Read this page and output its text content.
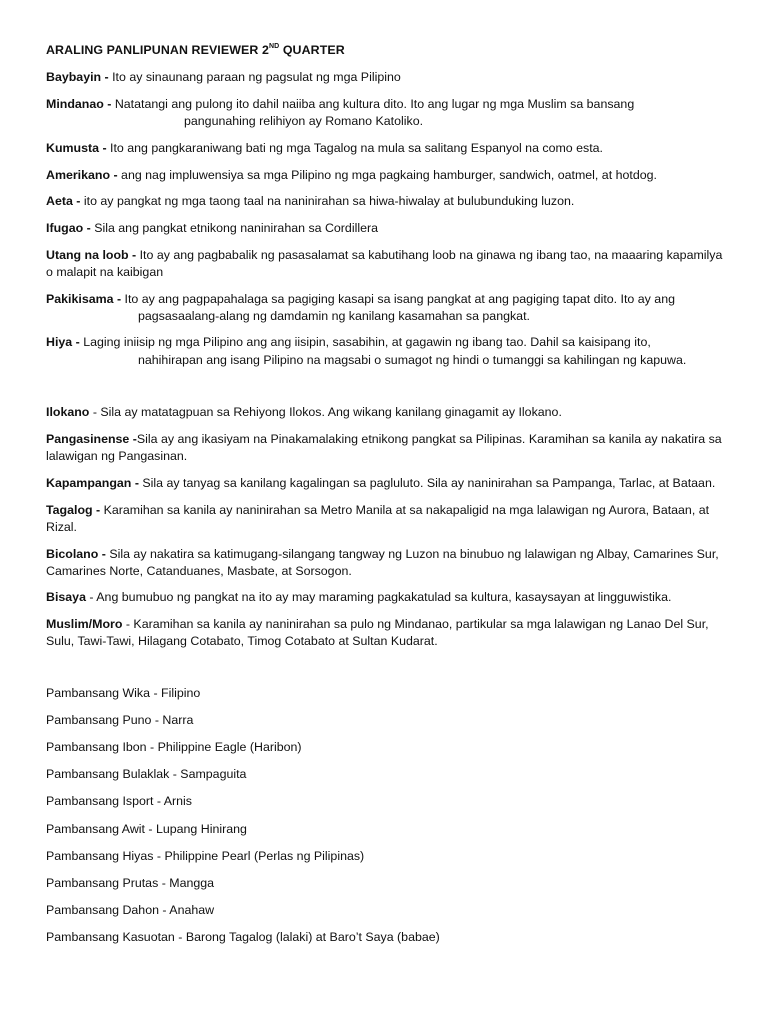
ARALING PANLIPUNAN REVIEWER 2ND QUARTER
Baybayin - Ito ay sinaunang paraan ng pagsulat ng mga Pilipino
Mindanao - Natatangi ang pulong ito dahil naiiba ang kultura dito. Ito ang lugar ng mga Muslim sa bansang
pangunahing relihiyon ay Romano Katoliko.
Kumusta - Ito ang pangkaraniwang bati ng mga Tagalog na mula sa salitang Espanyol na como esta.
Amerikano - ang nag impluwensiya sa mga Pilipino ng mga pagkaing hamburger, sandwich, oatmel, at hotdog.
Aeta - ito ay pangkat ng mga taong taal na naninirahan sa hiwa-hiwalay at bulubunduking luzon.
Ifugao - Sila ang pangkat etnikong naninirahan sa Cordillera
Utang na loob - Ito ay ang pagbabalik ng pasasalamat sa kabutihang loob na ginawa ng ibang tao, na maaaring kapamilya o malapit na kaibigan
Pakikisama - Ito ay ang pagpapahalaga sa pagiging kasapi sa isang pangkat at ang pagiging tapat dito. Ito ay ang
pagsasaalang-alang ng damdamin ng kanilang kasamahan sa pangkat.
Hiya - Laging iniisip ng mga Pilipino ang ang iisipin, sasabihin, at gagawin ng ibang tao. Dahil sa kaisipang ito,
nahihirapan ang isang Pilipino na magsabi o sumagot ng hindi o tumanggi sa kahilingan ng kapuwa.
Ilokano - Sila ay matatagpuan sa Rehiyong Ilokos. Ang wikang kanilang ginagamit ay Ilokano.
Pangasinense -Sila ay ang ikasiyam na Pinakamalaking etnikong pangkat sa Pilipinas. Karamihan sa kanila ay nakatira sa lalawigan ng Pangasinan.
Kapampangan - Sila ay tanyag sa kanilang kagalingan sa pagluluto. Sila ay naninirahan sa Pampanga, Tarlac, at Bataan.
Tagalog - Karamihan sa kanila ay naninirahan sa Metro Manila at sa nakapaligid na mga lalawigan ng Aurora, Bataan, at Rizal.
Bicolano - Sila ay nakatira sa katimugang-silangang tangway ng Luzon na binubuo ng lalawigan ng Albay, Camarines Sur, Camarines Norte, Catanduanes, Masbate, at Sorsogon.
Bisaya - Ang bumubuo ng pangkat na ito ay may maraming pagkakatulad sa kultura, kasaysayan at lingguwistika.
Muslim/Moro - Karamihan sa kanila ay naninirahan sa pulo ng Mindanao, partikular sa mga lalawigan ng Lanao Del Sur, Sulu, Tawi-Tawi, Hilagang Cotabato, Timog Cotabato at Sultan Kudarat.
Pambansang Wika - Filipino
Pambansang Puno - Narra
Pambansang Ibon - Philippine Eagle (Haribon)
Pambansang Bulaklak - Sampaguita
Pambansang Isport - Arnis
Pambansang Awit - Lupang Hinirang
Pambansang Hiyas - Philippine Pearl (Perlas ng Pilipinas)
Pambansang Prutas - Mangga
Pambansang Dahon - Anahaw
Pambansang Kasuotan - Barong Tagalog (lalaki) at Baro’t Saya (babae)
